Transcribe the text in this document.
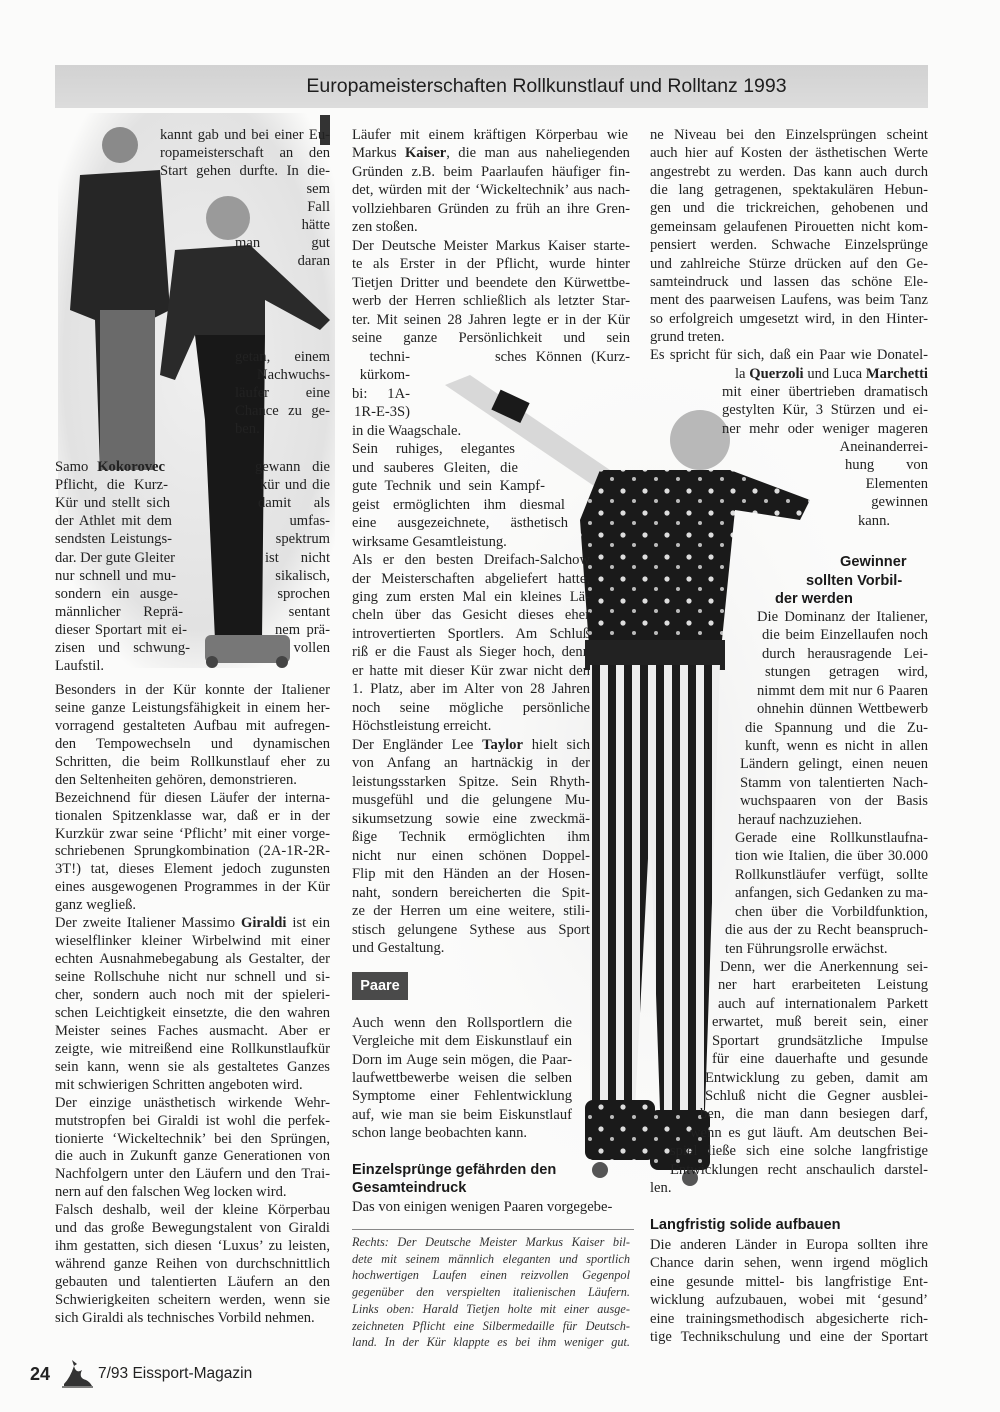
Europameisterschaften Rollkunstlauf und Rolltanz 1993
kannt gab und bei einer Eu-
ropameisterschaft an den
Start gehen durfte. In die-
sem
Fall
hätte
man gut
daran
getan, einem
Nachwuchs-
läufer eine
Chance zu ge-
ben.
Samo Kokorovec
Pflicht, die Kurz-
Kür und stellt sich
der Athlet mit dem
sendsten Leistungs-
dar. Der gute Gleiter
nur schnell und mu-
sondern ein ausge-
männlicher Reprä-
dieser Sportart mit ei-
zisen und schwung-
Laufstil.
gewann die
kür und die
damit als
umfas-
spektrum
ist nicht
sikalisch,
sprochen
sentant
nem prä-
vollen
Besonders in der Kür konnte der Italiener
seine ganze Leistungsfähigkeit in einem her-
vorragend gestalteten Aufbau mit aufregen-
den Tempowechseln und dynamischen
Schritten, die beim Rollkunstlauf eher zu
den Seltenheiten gehören, demonstrieren.
Bezeichnend für diesen Läufer der interna-
tionalen Spitzenklasse war, daß er in der
Kurzkür zwar seine ‘Pflicht’ mit einer vorge-
schriebenen Sprungkombination (2A-1R-2R-
3T!) tat, dieses Element jedoch zugunsten
eines ausgewogenen Programmes in der Kür
ganz wegließ.
Der zweite Italiener Massimo Giraldi ist ein
wieselflinker kleiner Wirbelwind mit einer
echten Ausnahmebegabung als Gestalter, der
seine Rollschuhe nicht nur schnell und si-
cher, sondern auch noch mit der spieleri-
schen Leichtigkeit einsetzte, die den wahren
Meister seines Faches ausmacht. Aber er
zeigte, wie mitreißend eine Rollkunstlaufkür
sein kann, wenn sie als gestaltetes Ganzes
mit schwierigen Schritten angeboten wird.
Der einzige unästhetisch wirkende Wehr-
mutstropfen bei Giraldi ist wohl die perfek-
tionierte ‘Wickeltechnik’ bei den Sprüngen,
die auch in Zukunft ganze Generationen von
Nachfolgern unter den Läufern und den Trai-
nern auf den falschen Weg locken wird.
Falsch deshalb, weil der kleine Körperbau
und das große Bewegungstalent von Giraldi
ihm gestatten, sich diesen ‘Luxus’ zu leisten,
während ganze Reihen von durchschnittlich
gebauten und talentierten Läufern an den
Schwierigkeiten scheitern werden, wenn sie
sich Giraldi als technisches Vorbild nehmen.
Läufer mit einem kräftigen Körperbau wie
Markus Kaiser, die man aus naheliegenden
Gründen z.B. beim Paarlaufen häufiger fin-
det, würden mit der ‘Wickeltechnik’ aus nach-
vollziehbaren Gründen zu früh an ihre Gren-
zen stoßen.
Der Deutsche Meister Markus Kaiser starte-
te als Erster in der Pflicht, wurde hinter
Tietjen Dritter und beendete den Kürwettbe-
werb der Herren schließlich als letzter Star-
ter. Mit seinen 28 Jahren legte er in der Kür
seine ganze Persönlichkeit und sein
techni-
kürkom-
bi: 1A-
1R-E-3S)
in die Waagschale.
Sein ruhiges, elegantes
und sauberes Gleiten, die
gute Technik und sein Kampf-
geist ermöglichten ihm diesmal
eine ausgezeichnete, ästhetisch
wirksame Gesamtleistung.
Als er den besten Dreifach-Salchow
der Meisterschaften abgeliefert hatte,
ging zum ersten Mal ein kleines Lä-
cheln über das Gesicht dieses eher
introvertierten Sportlers. Am Schluß
riß er die Faust als Sieger hoch, denn
er hatte mit dieser Kür zwar nicht den
1. Platz, aber im Alter von 28 Jahren
noch seine mögliche persönliche
Höchstleistung erreicht.
Der Engländer Lee Taylor hielt sich
von Anfang an hartnäckig in der
leistungsstarken Spitze. Sein Rhyth-
musgefühl und die gelungene Mu-
sikumsetzung sowie eine zweckmä-
ßige Technik ermöglichten ihm
nicht nur einen schönen Doppel-
Flip mit den Händen an der Hosen-
naht, sondern bereicherten die Spit-
ze der Herren um eine weitere, stili-
stisch gelungene Sythese aus Sport
und Gestaltung.
sches Können (Kurz-
Auch wenn den Rollsportlern die
Vergleiche mit dem Eiskunstlauf ein
Dorn im Auge sein mögen, die Paar-
laufwettbewerbe weisen die selben
Symptome einer Fehlentwicklung
auf, wie man sie beim Eiskunstlauf
schon lange beobachten kann.
Einzelsprünge gefährden den
Gesamteindruck
Das von einigen wenigen Paaren vorgegebe-
Rechts: Der Deutsche Meister Markus Kaiser bil-
dete mit seinem männlich eleganten und sportlich
hochwertigen Laufen einen reizvollen Gegenpol
gegenüber den verspielten italienischen Läufern.
Links oben: Harald Tietjen holte mit einer ausge-
zeichneten Pflicht eine Silbermedaille für Deutsch-
land. In der Kür klappte es bei ihm weniger gut.
ne Niveau bei den Einzelsprüngen scheint
auch hier auf Kosten der ästhetischen Werte
angestrebt zu werden. Das kann auch durch
die lang getragenen, spektakulären Hebun-
gen und die trickreichen, gehobenen und
gemeinsam gelaufenen Pirouetten nicht kom-
pensiert werden. Schwache Einzelsprünge
und zahlreiche Stürze drücken auf den Ge-
samteindruck und lassen das schöne Ele-
ment des paarweisen Laufens, was beim Tanz
so erfolgreich umgesetzt wird, in den Hinter-
grund treten.
Es spricht für sich, daß ein Paar wie Donatel-
la Querzoli und Luca Marchetti
mit einer übertrieben dramatisch
gestylten Kür, 3 Stürzen und ei-
ner mehr oder weniger mageren
Aneinanderrei-
hung von
Elementen
gewinnen
kann.
Gewinner
sollten Vorbil-
der werden
Die Dominanz der Italiener,
die beim Einzellaufen noch
durch herausragende Lei-
stungen getragen wird,
nimmt dem mit nur 6 Paaren
ohnehin dünnen Wettbewerb
die Spannung und die Zu-
kunft, wenn es nicht in allen
Ländern gelingt, einen neuen
Stamm von talentierten Nach-
wuchspaaren von der Basis
herauf nachzuziehen.
Gerade eine Rollkunstlaufna-
tion wie Italien, die über 30.000
Rollkunstläufer verfügt, sollte
anfangen, sich Gedanken zu ma-
chen über die Vorbildfunktion,
die aus der zu Recht beanspruch-
ten Führungsrolle erwächst.
Denn, wer die Anerkennung sei-
ner hart erarbeiteten Leistung
auch auf internationalem Parkett
erwartet, muß bereit sein, einer
Sportart grundsätzliche Impulse
für eine dauerhafte und gesunde
Entwicklung zu geben, damit am
Schluß nicht die Gegner ausblei-
ben, die man dann besiegen darf,
wenn es gut läuft. Am deutschen Bei-
spiel ließe sich eine solche langfristige
Entwicklungen recht anschaulich darstel-
len.
Langfristig solide aufbauen
Die anderen Länder in Europa sollten ihre
Chance darin sehen, wenn irgend möglich
eine gesunde mittel- bis langfristige Ent-
wicklung aufzubauen, wobei mit ‘gesund’
eine trainingsmethodisch abgesicherte rich-
tige Technikschulung und eine der Sportart
Paare
24	7/93 Eissport-Magazin
